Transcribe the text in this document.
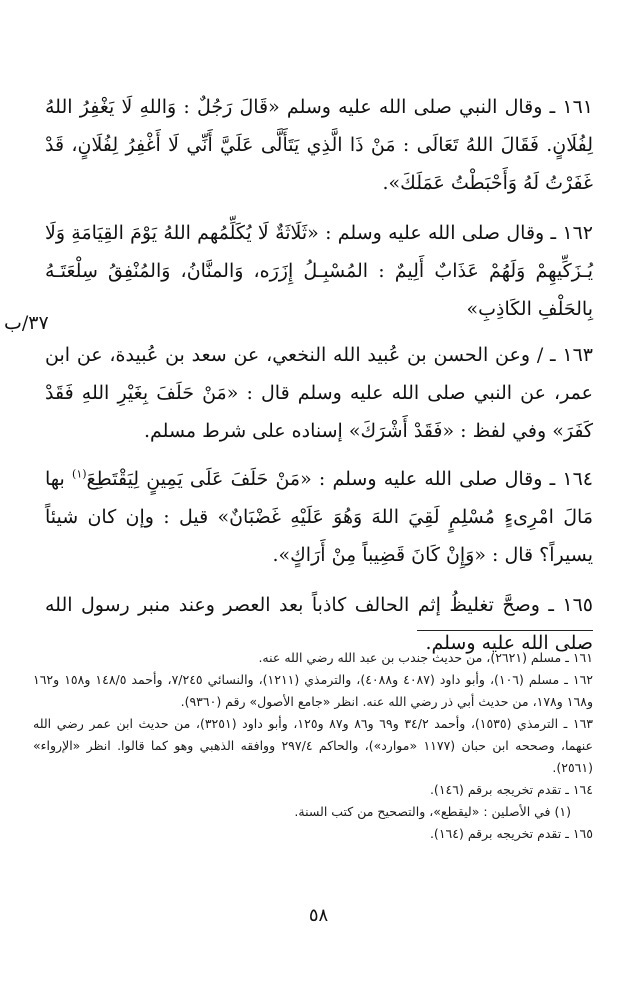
٣٧/ب

١٦١ ـ وقال النبي صلى الله عليه وسلم «قَالَ رَجُلٌ : وَاللهِ لَا يَغْفِرُ اللهُ لِفُلَانٍ. فَقَالَ اللهُ تَعَالَى : مَنْ ذَا الَّذِي يَتَأَلَّى عَلَيَّ أَنِّي لَا أَغْفِرُ لِفُلَانٍ، قَدْ غَفَرْتُ لَهُ وَأَحْبَطْتُ عَمَلَكَ».

١٦٢ ـ وقال صلى الله عليه وسلم : «ثَلَاثَةٌ لَا يُكَلِّمُهم اللهُ يَوْمَ القِيَامَةِ وَلَا يُـزَكِّيهِمْ وَلَهُمْ عَذَابٌ أَلِيمٌ : المُسْبِـلُ إِزَرَه، وَالمنَّانُ، وَالمُنْفِقُ سِلْعَتَـهُ بِالحَلْفِ الكَاذِبِ»

١٦٣ ـ / وعن الحسن بن عُبيد الله النخعي، عن سعد بن عُبيدة، عن ابن عمر، عن النبي صلى الله عليه وسلم قال : «مَنْ حَلَفَ بِغَيْرِ اللهِ فَقَدْ كَفَرَ» وفي لفظ : «فَقَدْ أَشْرَكَ» إسناده على شرط مسلم.

١٦٤ ـ وقال صلى الله عليه وسلم : «مَنْ حَلَفَ عَلَى يَمِينٍ لِيَقْتَطِعَ$^{(١)}$ بها مَالَ امْرِىءٍ مُسْلِمٍ لَقِيَ اللهَ وَهُوَ عَلَيْهِ غَضْبَانٌ» قيل : وإن كان شيئاً يسيراً؟ قال : «وَإِنْ كَانَ قَضِيباً مِنْ أَرَاكٍ».

١٦٥ ـ وصحَّ تغليظُ إثم الحالف كاذباً بعد العصر وعند منبر رسول الله صلى الله عليه وسلم.

١٦١ ـ مسلم (٢٦٢١)، من حديث جندب بن عبد الله رضي الله عنه.

١٦٢ ـ مسلم (١٠٦)، وأبو داود (٤٠٨٧ و٤٠٨٨)، والترمذي (١٢١١)، والنسائي ٧/٢٤٥، وأحمد ١٤٨/٥ و١٥٨ و١٦٢ و١٦٨ و١٧٨، من حديث أبي ذر رضي الله عنه. انظر «جامع الأصول» رقم (٩٣٦٠).

١٦٣ ـ الترمذي (١٥٣٥)، وأحمد ٣٤/٢ و٦٩ و٨٦ و٨٧ و١٢٥، وأبو داود (٣٢٥١)، من حديث ابن عمر رضي الله عنهما، وصححه ابن حبان (١١٧٧ «موارد»)، والحاكم ٢٩٧/٤ ووافقه الذهبي وهو كما قالوا. انظر «الإرواء» (٢٥٦١).

١٦٤ ـ تقدم تخريجه برقم (١٤٦).

(١) في الأصلين : «ليقطع»، والتصحيح من كتب السنة.

١٦٥ ـ تقدم تخريجه برقم (١٦٤).

٥٨
